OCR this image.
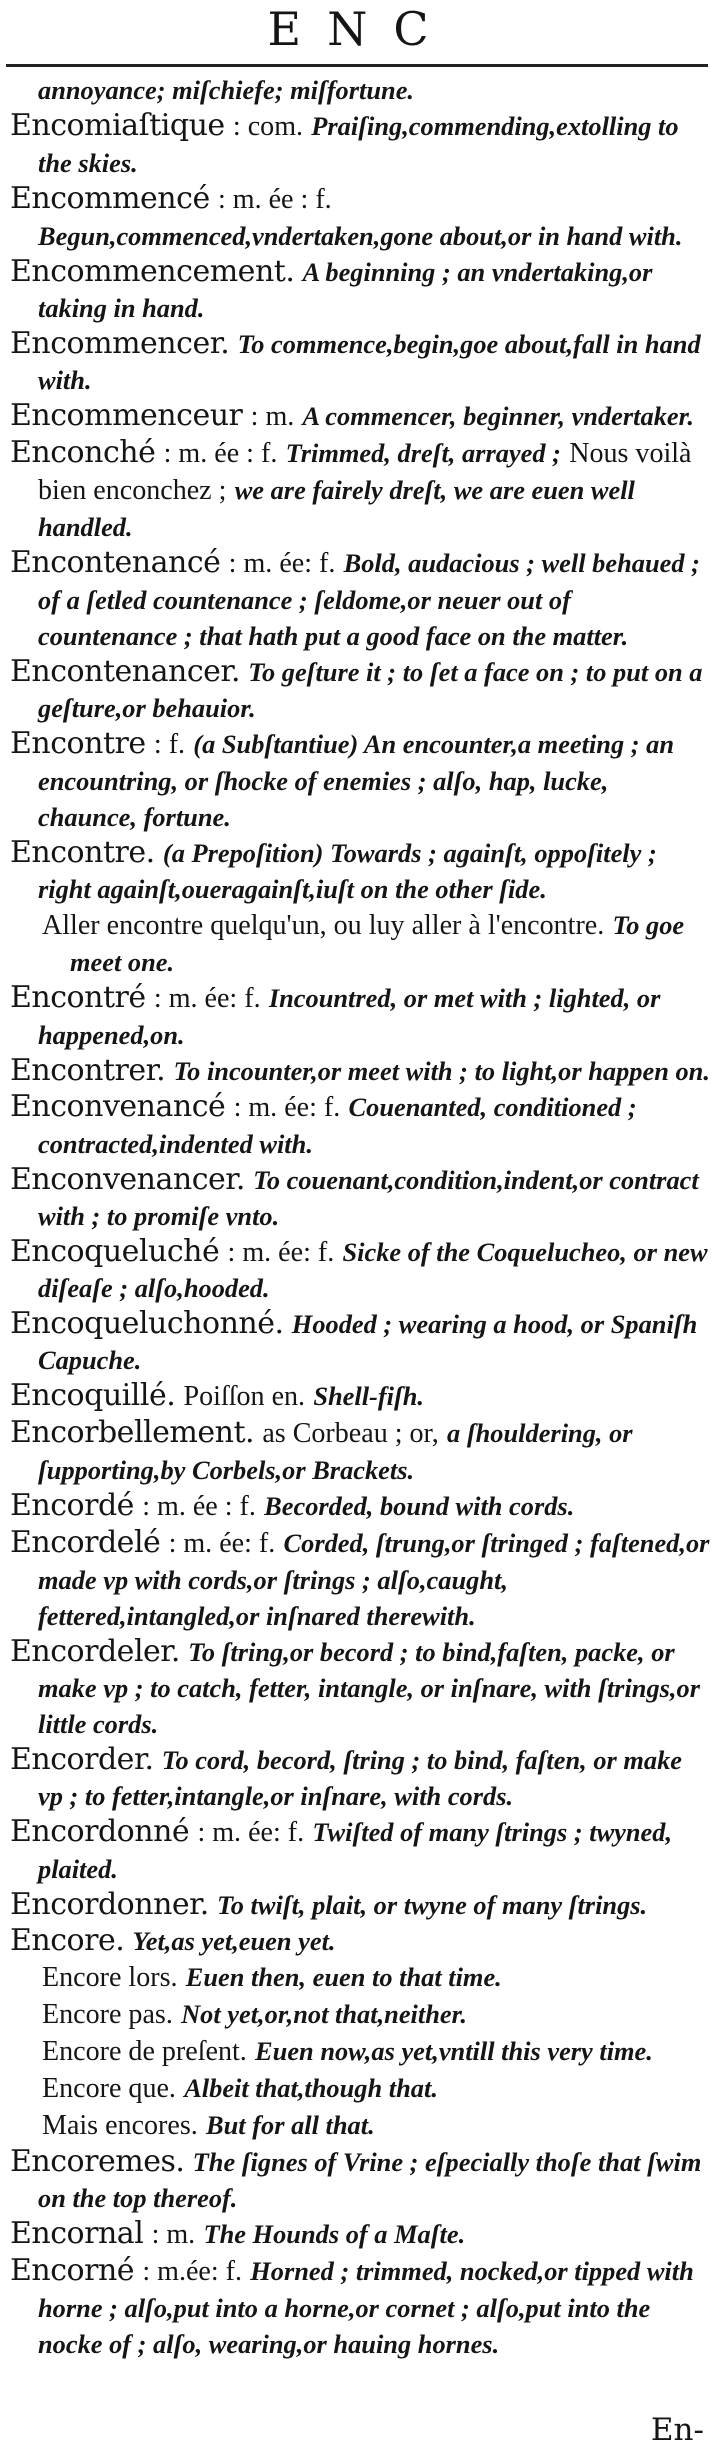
ENC

annoyance; miſchiefe; miſfortune.

Encomiaſtique : com. Praiſing,commending,extolling to the skies.

Encommencé : m. ée : f. Begun,commenced,vndertaken,gone about,or in hand with.

Encommencement. A beginning ; an vndertaking,or taking in hand.

Encommencer. To commence,begin,goe about,fall in hand with.

Encommenceur : m. A commencer, beginner, vndertaker.

Enconché : m. ée : f. Trimmed, dreſt, arrayed ; Nous voilà bien enconchez ; we are fairely dreſt, we are euen well handled.

Encontenancé : m. ée: f. Bold, audacious ; well behaued ; of a ſetled countenance ; ſeldome,or neuer out of countenance ; that hath put a good face on the matter.

Encontenancer. To geſture it ; to ſet a face on ; to put on a geſture,or behauior.

Encontre : f. (a Subſtantiue) An encounter,a meeting ; an encountring, or ſhocke of enemies ; alſo, hap, lucke, chaunce, fortune.

Encontre. (a Prepoſition) Towards ; againſt, oppoſitely ; right againſt,oueragainſt,iuſt on the other ſide.

Aller encontre quelqu'un, ou luy aller à l'encontre. To goe meet one.

Encontré : m. ée: f. Incountred, or met with ; lighted, or happened,on.

Encontrer. To incounter,or meet with ; to light,or happen on.

Enconvenancé : m. ée: f. Couenanted, conditioned ; contracted,indented with.

Enconvenancer. To couenant,condition,indent,or contract with ; to promiſe vnto.

Encoqueluché : m. ée: f. Sicke of the Coquelucheo, or new diſeaſe ; alſo,hooded.

Encoqueluchonné. Hooded ; wearing a hood, or Spaniſh Capuche.

Encoquillé. Poiſſon en. Shell-fiſh.

Encorbellement. as Corbeau ; or, a ſhouldering, or ſupporting,by Corbels,or Brackets.

Encordé : m. ée : f. Becorded, bound with cords.

Encordelé : m. ée: f. Corded, ſtrung,or ſtringed ; faſtened,or made vp with cords,or ſtrings ; alſo,caught, fettered,intangled,or inſnared therewith.

Encordeler. To ſtring,or becord ; to bind,faſten, packe, or make vp ; to catch, fetter, intangle, or inſnare, with ſtrings,or little cords.

Encorder. To cord, becord, ſtring ; to bind, faſten, or make vp ; to fetter,intangle,or inſnare, with cords.

Encordonné : m. ée: f. Twiſted of many ſtrings ; twyned, plaited.

Encordonner. To twiſt, plait, or twyne of many ſtrings.

Encore. Yet,as yet,euen yet.

Encore lors. Euen then, euen to that time.

Encore pas. Not yet,or,not that,neither.

Encore de preſent. Euen now,as yet,vntill this very time.

Encore que. Albeit that,though that.

Mais encores. But for all that.

Encoremes. The ſignes of Vrine ; eſpecially thoſe that ſwim on the top thereof.

Encornal : m. The Hounds of a Maſte.

Encorné : m.ée: f. Horned ; trimmed, nocked,or tipped with horne ; alſo,put into a horne,or cornet ; alſo,put into the nocke of ; alſo, wearing,or hauing hornes.

En-
